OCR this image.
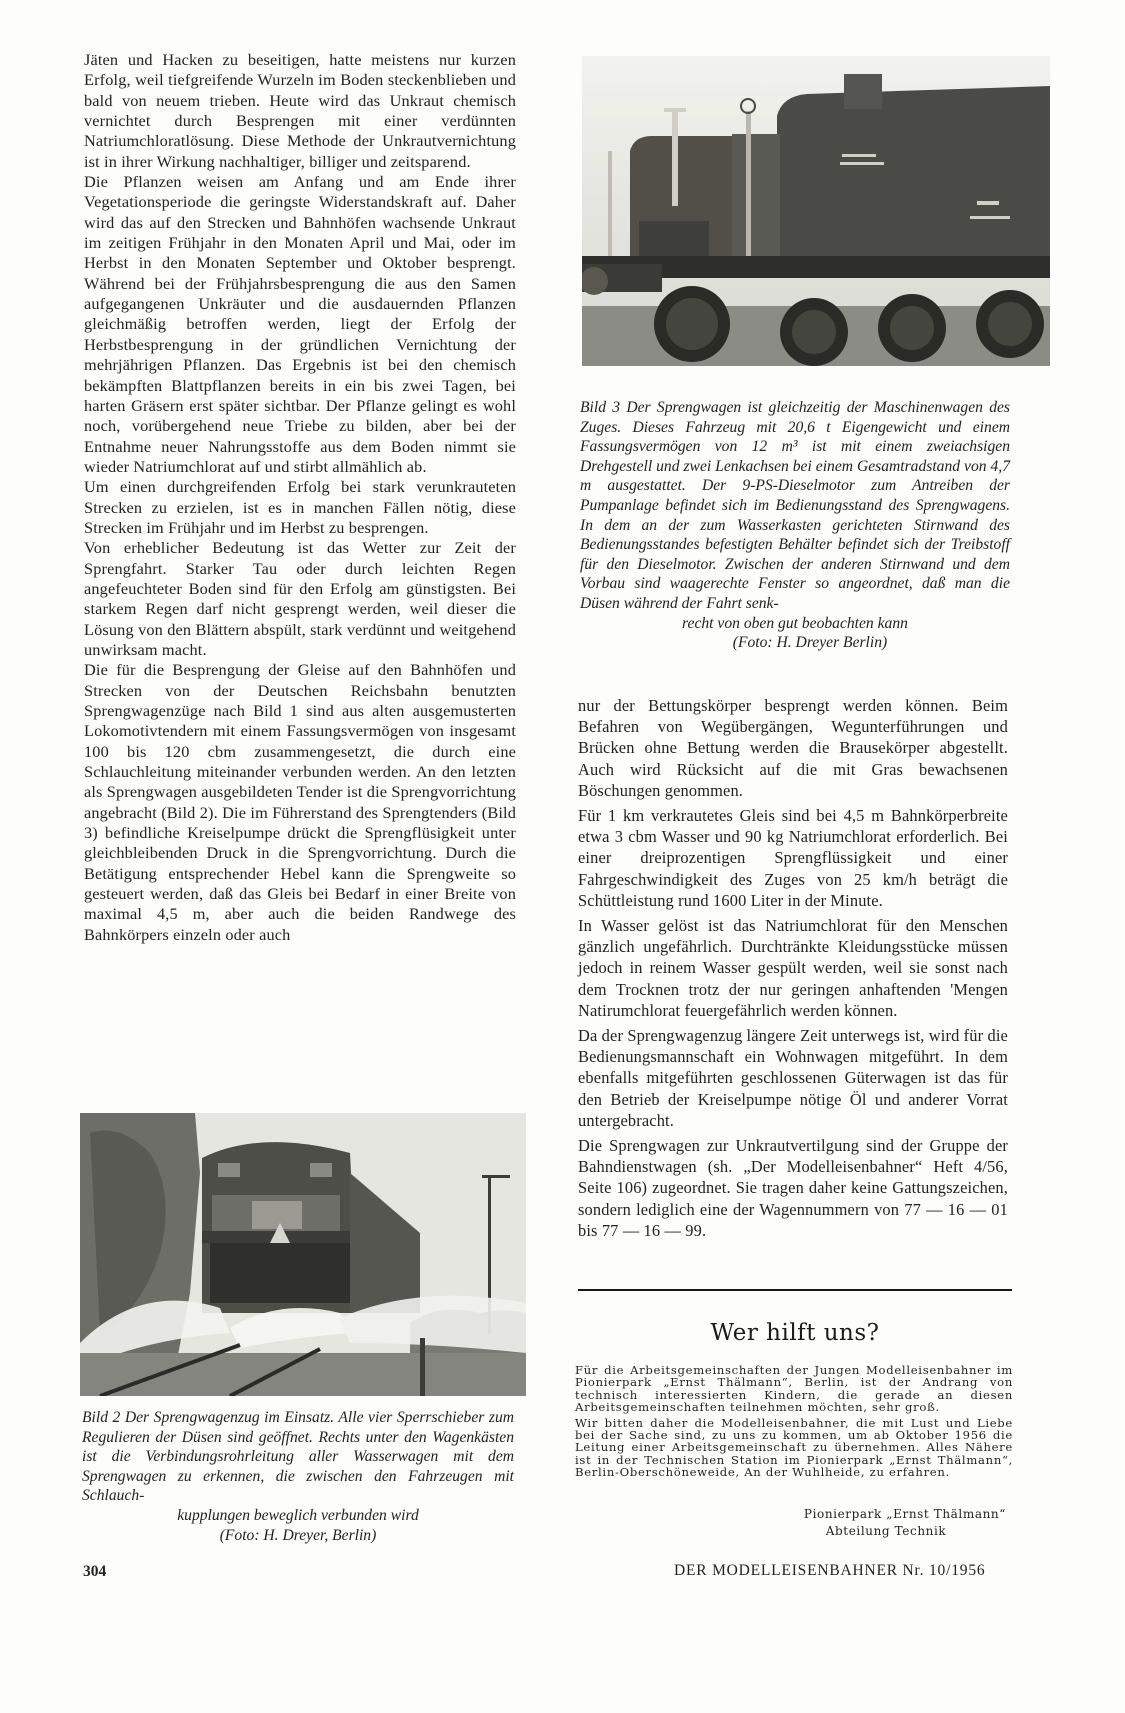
Jäten und Hacken zu beseitigen, hatte meistens nur kurzen Erfolg, weil tiefgreifende Wurzeln im Boden steckenblieben und bald von neuem trieben. Heute wird das Unkraut chemisch vernichtet durch Besprengen mit einer verdünnten Natriumchloratlösung. Diese Methode der Unkrautvernichtung ist in ihrer Wirkung nachhaltiger, billiger und zeitsparend.

Die Pflanzen weisen am Anfang und am Ende ihrer Vegetationsperiode die geringste Widerstandskraft auf. Daher wird das auf den Strecken und Bahnhöfen wachsende Unkraut im zeitigen Frühjahr in den Monaten April und Mai, oder im Herbst in den Monaten September und Oktober besprengt. Während bei der Frühjahrsbesprengung die aus den Samen aufgegangenen Unkräuter und die ausdauernden Pflanzen gleichmäßig betroffen werden, liegt der Erfolg der Herbstbesprengung in der gründlichen Vernichtung der mehrjährigen Pflanzen. Das Ergebnis ist bei den chemisch bekämpften Blattpflanzen bereits in ein bis zwei Tagen, bei harten Gräsern erst später sichtbar. Der Pflanze gelingt es wohl noch, vorübergehend neue Triebe zu bilden, aber bei der Entnahme neuer Nahrungsstoffe aus dem Boden nimmt sie wieder Natriumchlorat auf und stirbt allmählich ab.

Um einen durchgreifenden Erfolg bei stark verunkrauteten Strecken zu erzielen, ist es in manchen Fällen nötig, diese Strecken im Frühjahr und im Herbst zu besprengen.

Von erheblicher Bedeutung ist das Wetter zur Zeit der Sprengfahrt. Starker Tau oder durch leichten Regen angefeuchteter Boden sind für den Erfolg am günstigsten. Bei starkem Regen darf nicht gesprengt werden, weil dieser die Lösung von den Blättern abspült, stark verdünnt und weitgehend unwirksam macht.

Die für die Besprengung der Gleise auf den Bahnhöfen und Strecken von der Deutschen Reichsbahn benutzten Sprengwagenzüge nach Bild 1 sind aus alten ausgemusterten Lokomotivtendern mit einem Fassungsvermögen von insgesamt 100 bis 120 cbm zusammengesetzt, die durch eine Schlauchleitung miteinander verbunden werden. An den letzten als Sprengwagen ausgebildeten Tender ist die Sprengvorrichtung angebracht (Bild 2). Die im Führerstand des Sprengtenders (Bild 3) befindliche Kreiselpumpe drückt die Sprengflüsigkeit unter gleichbleibenden Druck in die Sprengvorrichtung. Durch die Betätigung entsprechender Hebel kann die Sprengweite so gesteuert werden, daß das Gleis bei Bedarf in einer Breite von maximal 4,5 m, aber auch die beiden Randwege des Bahnkörpers einzeln oder auch

Bild 3 Der Sprengwagen ist gleichzeitig der Maschinenwagen des Zuges. Dieses Fahrzeug mit 20,6 t Eigengewicht und einem Fassungsvermögen von 12 m³ ist mit einem zweiachsigen Drehgestell und zwei Lenkachsen bei einem Gesamtradstand von 4,7 m ausgestattet. Der 9-PS-Dieselmotor zum Antreiben der Pumpanlage befindet sich im Bedienungsstand des Sprengwagens. In dem an der zum Wasserkasten gerichteten Stirnwand des Bedienungsstandes befestigten Behälter befindet sich der Treibstoff für den Dieselmotor. Zwischen der anderen Stirnwand und dem Vorbau sind waagerechte Fenster so angeordnet, daß man die Düsen während der Fahrt senk-
recht von oben gut beobachten kann
(Foto: H. Dreyer Berlin)

nur der Bettungskörper besprengt werden können. Beim Befahren von Wegübergängen, Wegunterführungen und Brücken ohne Bettung werden die Brausekörper abgestellt. Auch wird Rücksicht auf die mit Gras bewachsenen Böschungen genommen.

Für 1 km verkrautetes Gleis sind bei 4,5 m Bahnkörperbreite etwa 3 cbm Wasser und 90 kg Natriumchlorat erforderlich. Bei einer dreiprozentigen Sprengflüssigkeit und einer Fahrgeschwindigkeit des Zuges von 25 km/h beträgt die Schüttleistung rund 1600 Liter in der Minute.

In Wasser gelöst ist das Natriumchlorat für den Menschen gänzlich ungefährlich. Durchtränkte Kleidungsstücke müssen jedoch in reinem Wasser gespült werden, weil sie sonst nach dem Trocknen trotz der nur geringen anhaftenden 'Mengen Natirumchlorat feuergefährlich werden können.

Da der Sprengwagenzug längere Zeit unterwegs ist, wird für die Bedienungsmannschaft ein Wohnwagen mitgeführt. In dem ebenfalls mitgeführten geschlossenen Güterwagen ist das für den Betrieb der Kreiselpumpe nötige Öl und anderer Vorrat untergebracht.

Die Sprengwagen zur Unkrautvertilgung sind der Gruppe der Bahndienstwagen (sh. „Der Modelleisenbahner“ Heft 4/56, Seite 106) zugeordnet. Sie tragen daher keine Gattungszeichen, sondern lediglich eine der Wagennummern von 77 — 16 — 01 bis 77 — 16 — 99.

Bild 2 Der Sprengwagenzug im Einsatz. Alle vier Sperrschieber zum Regulieren der Düsen sind geöffnet. Rechts unter den Wagenkästen ist die Verbindungsrohrleitung aller Wasserwagen mit dem Sprengwagen zu erkennen, die zwischen den Fahrzeugen mit Schlauch-
kupplungen beweglich verbunden wird
(Foto: H. Dreyer, Berlin)
Wer hilft uns?

Für die Arbeitsgemeinschaften der Jungen Modelleisenbahner im Pionierpark „Ernst Thälmann“, Berlin, ist der Andrang von technisch interessierten Kindern, die gerade an diesen Arbeitsgemeinschaften teilnehmen möchten, sehr groß.

Wir bitten daher die Modelleisenbahner, die mit Lust und Liebe bei der Sache sind, zu uns zu kommen, um ab Oktober 1956 die Leitung einer Arbeitsgemeinschaft zu übernehmen. Alles Nähere ist in der Technischen Station im Pionierpark „Ernst Thälmann“, Berlin-Oberschöneweide, An der Wuhlheide, zu erfahren.

Pionierpark „Ernst Thälmann“
Abteilung Technik
304	DER MODELLEISENBAHNER Nr. 10/1956
